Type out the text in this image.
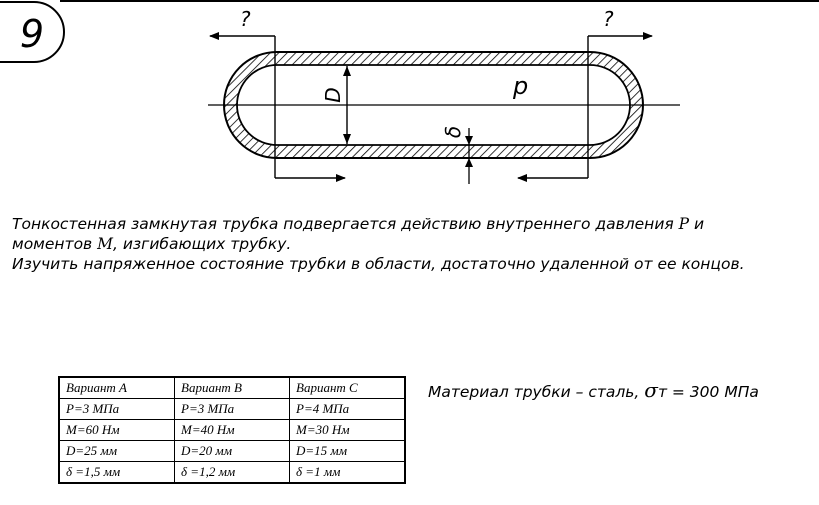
9	?	?
D	p
δ
Тонкостенная замкнутая трубка подвергается действию внутреннего давления P и
моментов M, изгибающих трубку.
Изучить напряженное состояние трубки в области, достаточно удаленной от ее концов.
Вариант A	Вариант B	Вариант C
P=3 МПа	P=3 МПа	P=4 МПа
M=60 Нм	M=40 Нм	M=30 Нм
D=25 мм	D=20 мм	D=15 мм
δ =1,5 мм	δ =1,2 мм	δ =1 мм
Материал трубки – сталь, σт = 300 МПа
